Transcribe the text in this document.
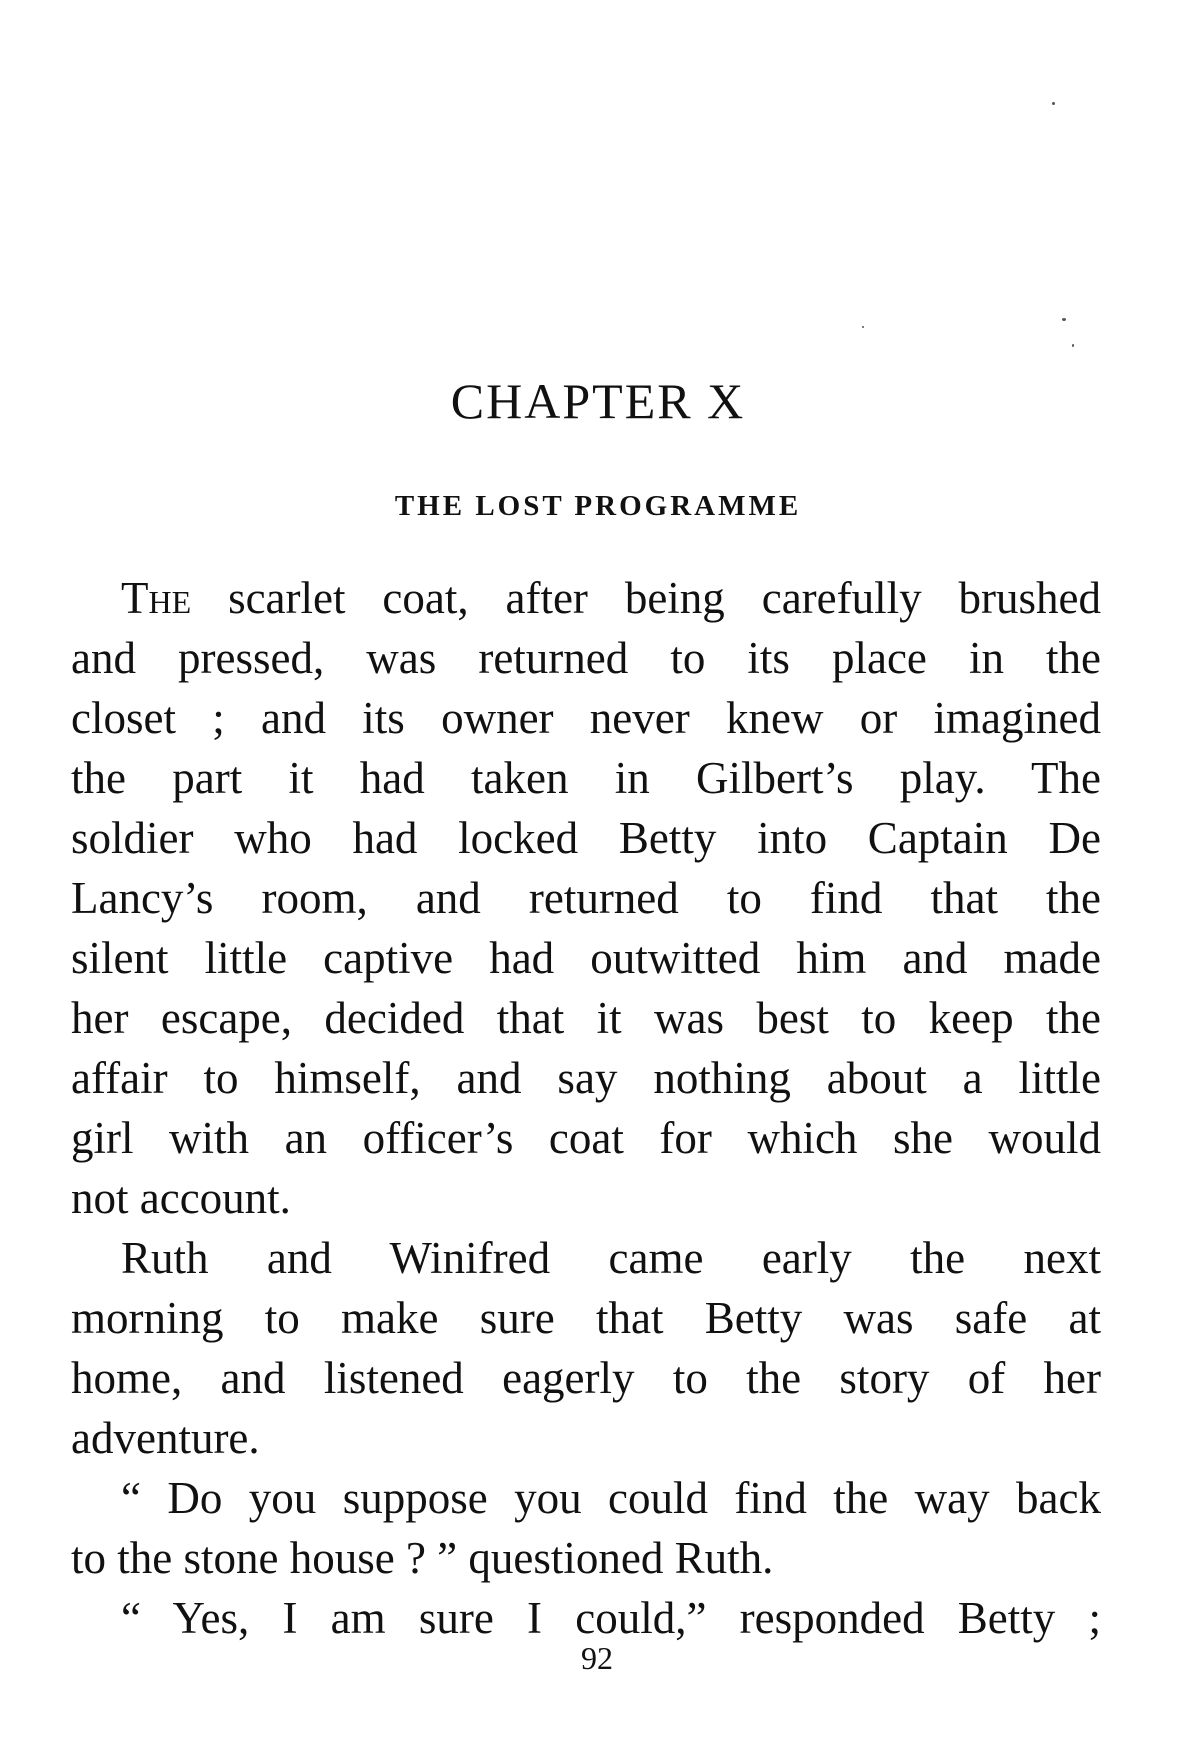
CHAPTER X
THE LOST PROGRAMME
The scarlet coat, after being carefully brushed
and pressed, was returned to its place in the
closet ; and its owner never knew or imagined
the part it had taken in Gilbert’s play. The
soldier who had locked Betty into Captain De
Lancy’s room, and returned to find that the
silent little captive had outwitted him and made
her escape, decided that it was best to keep the
affair to himself, and say nothing about a little
girl with an officer’s coat for which she would
not account.
Ruth and Winifred came early the next
morning to make sure that Betty was safe at
home, and listened eagerly to the story of her
adventure.
“ Do you suppose you could find the way back
to the stone house ? ” questioned Ruth.
“ Yes, I am sure I could,” responded Betty ;
92
